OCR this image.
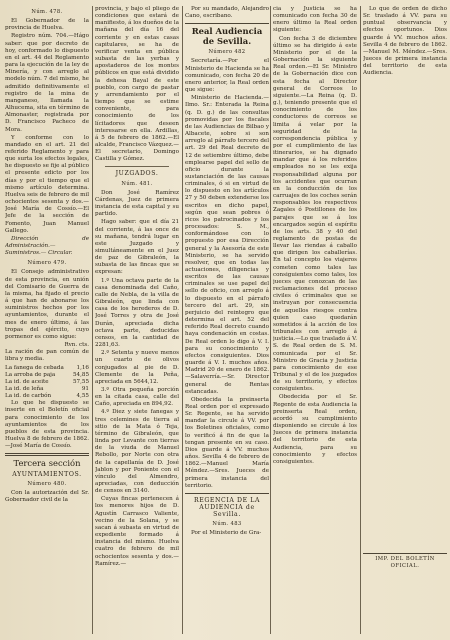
Núm. 478.

El Gobernador de la provincia de Huelva.

Registro núm. 704.—Hágo saber: que por decreto de hoy, conformado lo dispuesto en el art. 44 del Reglamento para la ejecución de la ley de Minería, y con arreglo al modelo núm. 7 del mismo, he admitido definitivamente el registro de la mina de manganeso, llamada la Alhucema, sita en término de Almonaster, registrada por D. Francisco Pacheco de Mora.

Y conforme con lo mandado en el art. 21 del referido Reglamento y para que surta los efectos legales, he dispuesto se fije al público el presente edicto por los días y por el tiempo que el mismo artículo determina. Huelva seis de febrero de mil ochocientos sesenta y dos.— José María de Cossío.—El Jefe de la sección de Fomento, Juan Manuel Gallego.

Dirección de Administración.— Suministros.— Circular.

Número 479.

El Consejo administrativo de esta provincia, en unión del Comisario de Guerra de la misma, ha fijado el precio á que han de abonarse los suministros hechos por los ayuntamientos, durante el mes de enero último, á las tropas del ejército, cuyo pormenor es como sigue:

Rvn. cts.

La ración de pan común de libra y media.

La fanega de cebada	1,16
La arroba de paja	54,85
La id. de aceite	57,55
La id. de leña	91
La id. de carbón	4,55

Lo que he dispuesto se inserte en el Boletín oficial para conocimiento de los ayuntamientos de los pueblos de esta provincia. Huelva 8 de febrero de 1862.—José María de Cossío.

Tercera sección
AYUNTAMIENTOS.
Número 480.

Con la autorización del Sr. Gobernador civil de la

provincia, y bajo el pliego de condiciones que estará de manifiesto, á los dueños de la mañana del día 16 del corriente y en estas casas capitulares, se ha de verificar venta en pública subasta de las yerbas y apostaderos de los montes públicos en que está dividido la dehesa Bayal de este pueblo, con cargo de pastar y arrendamiento por el tiempo que se estime conveniente, para conocimiento de los lícitadores que deseen interesarse en ella. Ardillas, á 5 de febrero de 1862.—El alcalde, Francisco Vázquez.—El secretario, Domingo Castilla y Gómez.

JUZGADOS.
Núm. 481.

Don José Ramírez Cárdenas, Juez de primera instancia de esta capital y su partido.

Hago saber: que el día 21 del corriente, á las once de su mañana, tendrá lugar en este Juzgado y simultáneamente en el Juez de paz de Gibraleón, la subasta de las fincas que se expresan:

1.º Una octava parte de la casa denominada del Caño, calle de Nebla, de la villa de Gibraleón, que linda con casa de los herederos de D. José Torres y otra de José Durán, apreciada dicha octava parte, deducidas censos, en la cantidad de 2281,63.

2.º Setenta y nueve menos un cuarto de olivos conjugados al pie de D. Clemente de la Peña, apreciada en 5644,12.

3.º Otra pequeña porción en la citada casa, calle del Caño, apreciada en 894,92.

4.º Diez y siete fanegas y tres celemines de tierra al sitio de la Mata ó Teja, término de Gibraleón, que linda por Levante con tierras de la viuda de Manuel Rebollo, por Norte con otra de la capellanía de D. José Jablon y por Poniente con el vínculo del Almendro, apreciadas, con deducción de censos en 3140.

Cuyas fincas pertenecen á los menores hijos de D. Agustín Carrasco Valiente, vecino de la Solana, y se sacan á subasta en virtud de expediente formado á instancia del mismo. Huelva cuatro de febrero de mil ochocientos sesenta y dos.—Ramírez.—

Por su mandado, Alejandro Cano, escribano.

Real Audiencia de Sevilla.
Número 482

Secretaría.—Por el Ministerio de Hacienda se ha comunicado, con fecha 20 de enero anterior, la Real orden que sigue:

Ministerio de Hacienda.—Ilmo. Sr.: Enterada la Reina (q. D. g.) de las consultas promovidas por los fiscales de las Audiencias de Bilbao y Albacete, sobre si son arreglo al párrafo tercero del art. 29 del Real decreto de 12 de setiembre último, debe emplearse papel del sello de oficio durante la sustanciación de las causas criminales, ó si en virtud de lo dispuesto en los artículos 27 y 50 deben extenderse los escritos en dicho papel, según que sean pobres ó ricos los patrocinados y los procesados: S. M., conformándose con lo propuesto por esa Dirección general y la Asesoría de este Ministerio, se ha servido resolver, que en todas las actuaciones, diligencias y escritos de las causas criminales se use papel del sello de oficio, con arreglo á lo dispuesto en el párrafo tercero del art. 29, sin perjuicio del reintegro que determina el art. 52 del referido Real decreto cuando haya condenación en costas. De Real orden lo digo á V. I. para su conocimiento y efectos consiguientes. Dios guarde á V. I. muchos años. Madrid 20 de enero de 1862.—Salaverría.—Sr. Director general de Rentas estancadas.

Obedecida la preinserta Real orden por el expresado Sr. Regente, se ha servido mandar la circule á VV. por los Boletines oficiales, como lo verificó á fin de que la tengan presente en su caso. Dios guarde á VV. muchos años. Sevilla 4 de febrero de 1862.—Manuel María Méndez.—Sres. Jueces de primera instancia del territorio.

REGENCIA DE LA AUDIENCIA de Sevilla.
Núm. 483

Por el Ministerio de Gra-

cia y Justicia se ha comunicado con fecha 30 de enero último la Real orden siguiente:

Con fecha 3 de diciembre último se ha dirigido á este Ministerio por el de la Gobernación la siguiente Real orden.—El Sr. Ministro de la Gobernación dice con esta fecha al Director general de Correos lo siguiente.—La Reina (q. D. g.), teniendo presente que el conocimiento de los conductores de correos se limita á velar por la seguridad de la correspondencia pública y por el cumplimiento de las itinerarios, se ha dignado mandar que á los referidos empleados no se les exija responsabilidad alguna por los accidentes que ocurran en la conducción de los carruajes de los coches serán responsables los respectivos Zagales ó Postillones de los parajes que se á los encargados según el espíritu de los arts. 38 y 40 del reglamento de postas de llevar las riendas á caballo que dirigen los caballerías. En tal concepto los viajeros cometen como tales las consiguientes como tales, los jueces que conozcan de las reclamaciones del proceso civiles ó criminales que se instruyan por consecuencia de aquellos riesgos contra quien caso quedarán sometidos á la acción de los tribunales con arreglo á justicia.—Lo que traslado á V. S. de Real orden de S. M. comunicada por el Sr. Ministro de Gracia y Justicia para conocimiento de ese Tribunal y el de los juzgados de su territorio, y efectos consiguientes.

Obedecida por el Sr. Regente de esta Audiencia la preinserta Real orden, acordó su cumplimiento disponiendo se circule á los Jueces de primera instancia del territorio de esta Audiencia, para su conocimiento y efectos consiguientes.

Lo que de orden de dicho Sr. traslado á VV. para su puntual observancia y efectos oportunos. Dios guarde á VV. muchos años. Sevilla 4 de febrero de 1862.—Manuel M. Méndez.—Sres. Jueces de primera instancia del territorio de esta Audiencia.

IMP. DEL BOLETÍN OFICIAL.
